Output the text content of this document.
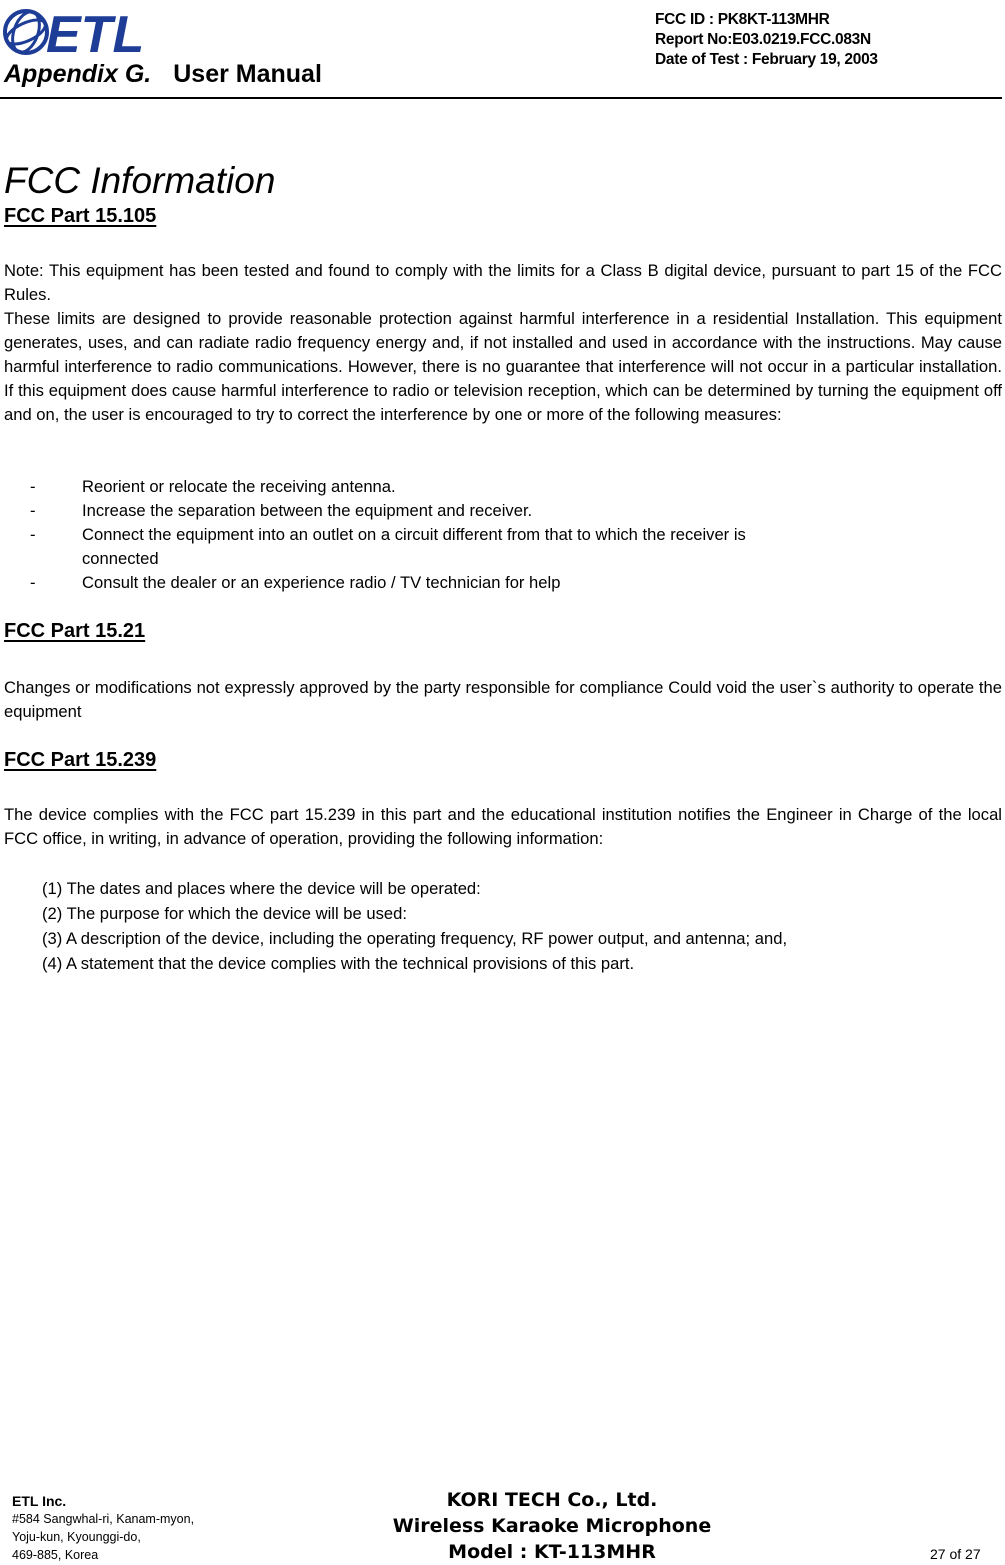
ETL
Appendix G. User Manual
FCC ID : PK8KT-113MHR
Report No:E03.0219.FCC.083N
Date of Test : February 19, 2003
FCC Information
FCC Part 15.105

Note: This equipment has been tested and found to comply with the limits for a Class B digital device, pursuant to part 15 of the FCC Rules.

These limits are designed to provide reasonable protection against harmful interference in a residential Installation. This equipment generates, uses, and can radiate radio frequency energy and, if not installed and used in accordance with the instructions. May cause harmful interference to radio communications. However, there is no guarantee that interference will not occur in a particular installation. If this equipment does cause harmful interference to radio or television reception, which can be determined by turning the equipment off and on, the user is encouraged to try to correct the interference by one or more of the following measures:

-	Reorient or relocate the receiving antenna.
-	Increase the separation between the equipment and receiver.
-	Connect the equipment into an outlet on a circuit different from that to which the receiver is connected
-	Consult the dealer or an experience radio / TV technician for help
FCC Part 15.21

Changes or modifications not expressly approved by the party responsible for compliance Could void the user`s authority to operate the equipment

FCC Part 15.239

The device complies with the FCC part 15.239 in this part and the educational institution notifies the Engineer in Charge of the local FCC office, in writing, in advance of operation, providing the following information:

(1) The dates and places where the device will be operated:
(2) The purpose for which the device will be used:
(3) A description of the device, including the operating frequency, RF power output, and antenna; and,
(4) A statement that the device complies with the technical provisions of this part.
ETL Inc.
#584 Sangwhal-ri, Kanam-myon,
Yoju-kun, Kyounggi-do,
469-885, Korea
KORI TECH Co., Ltd.
Wireless Karaoke Microphone
Model : KT-113MHR	27 of 27
